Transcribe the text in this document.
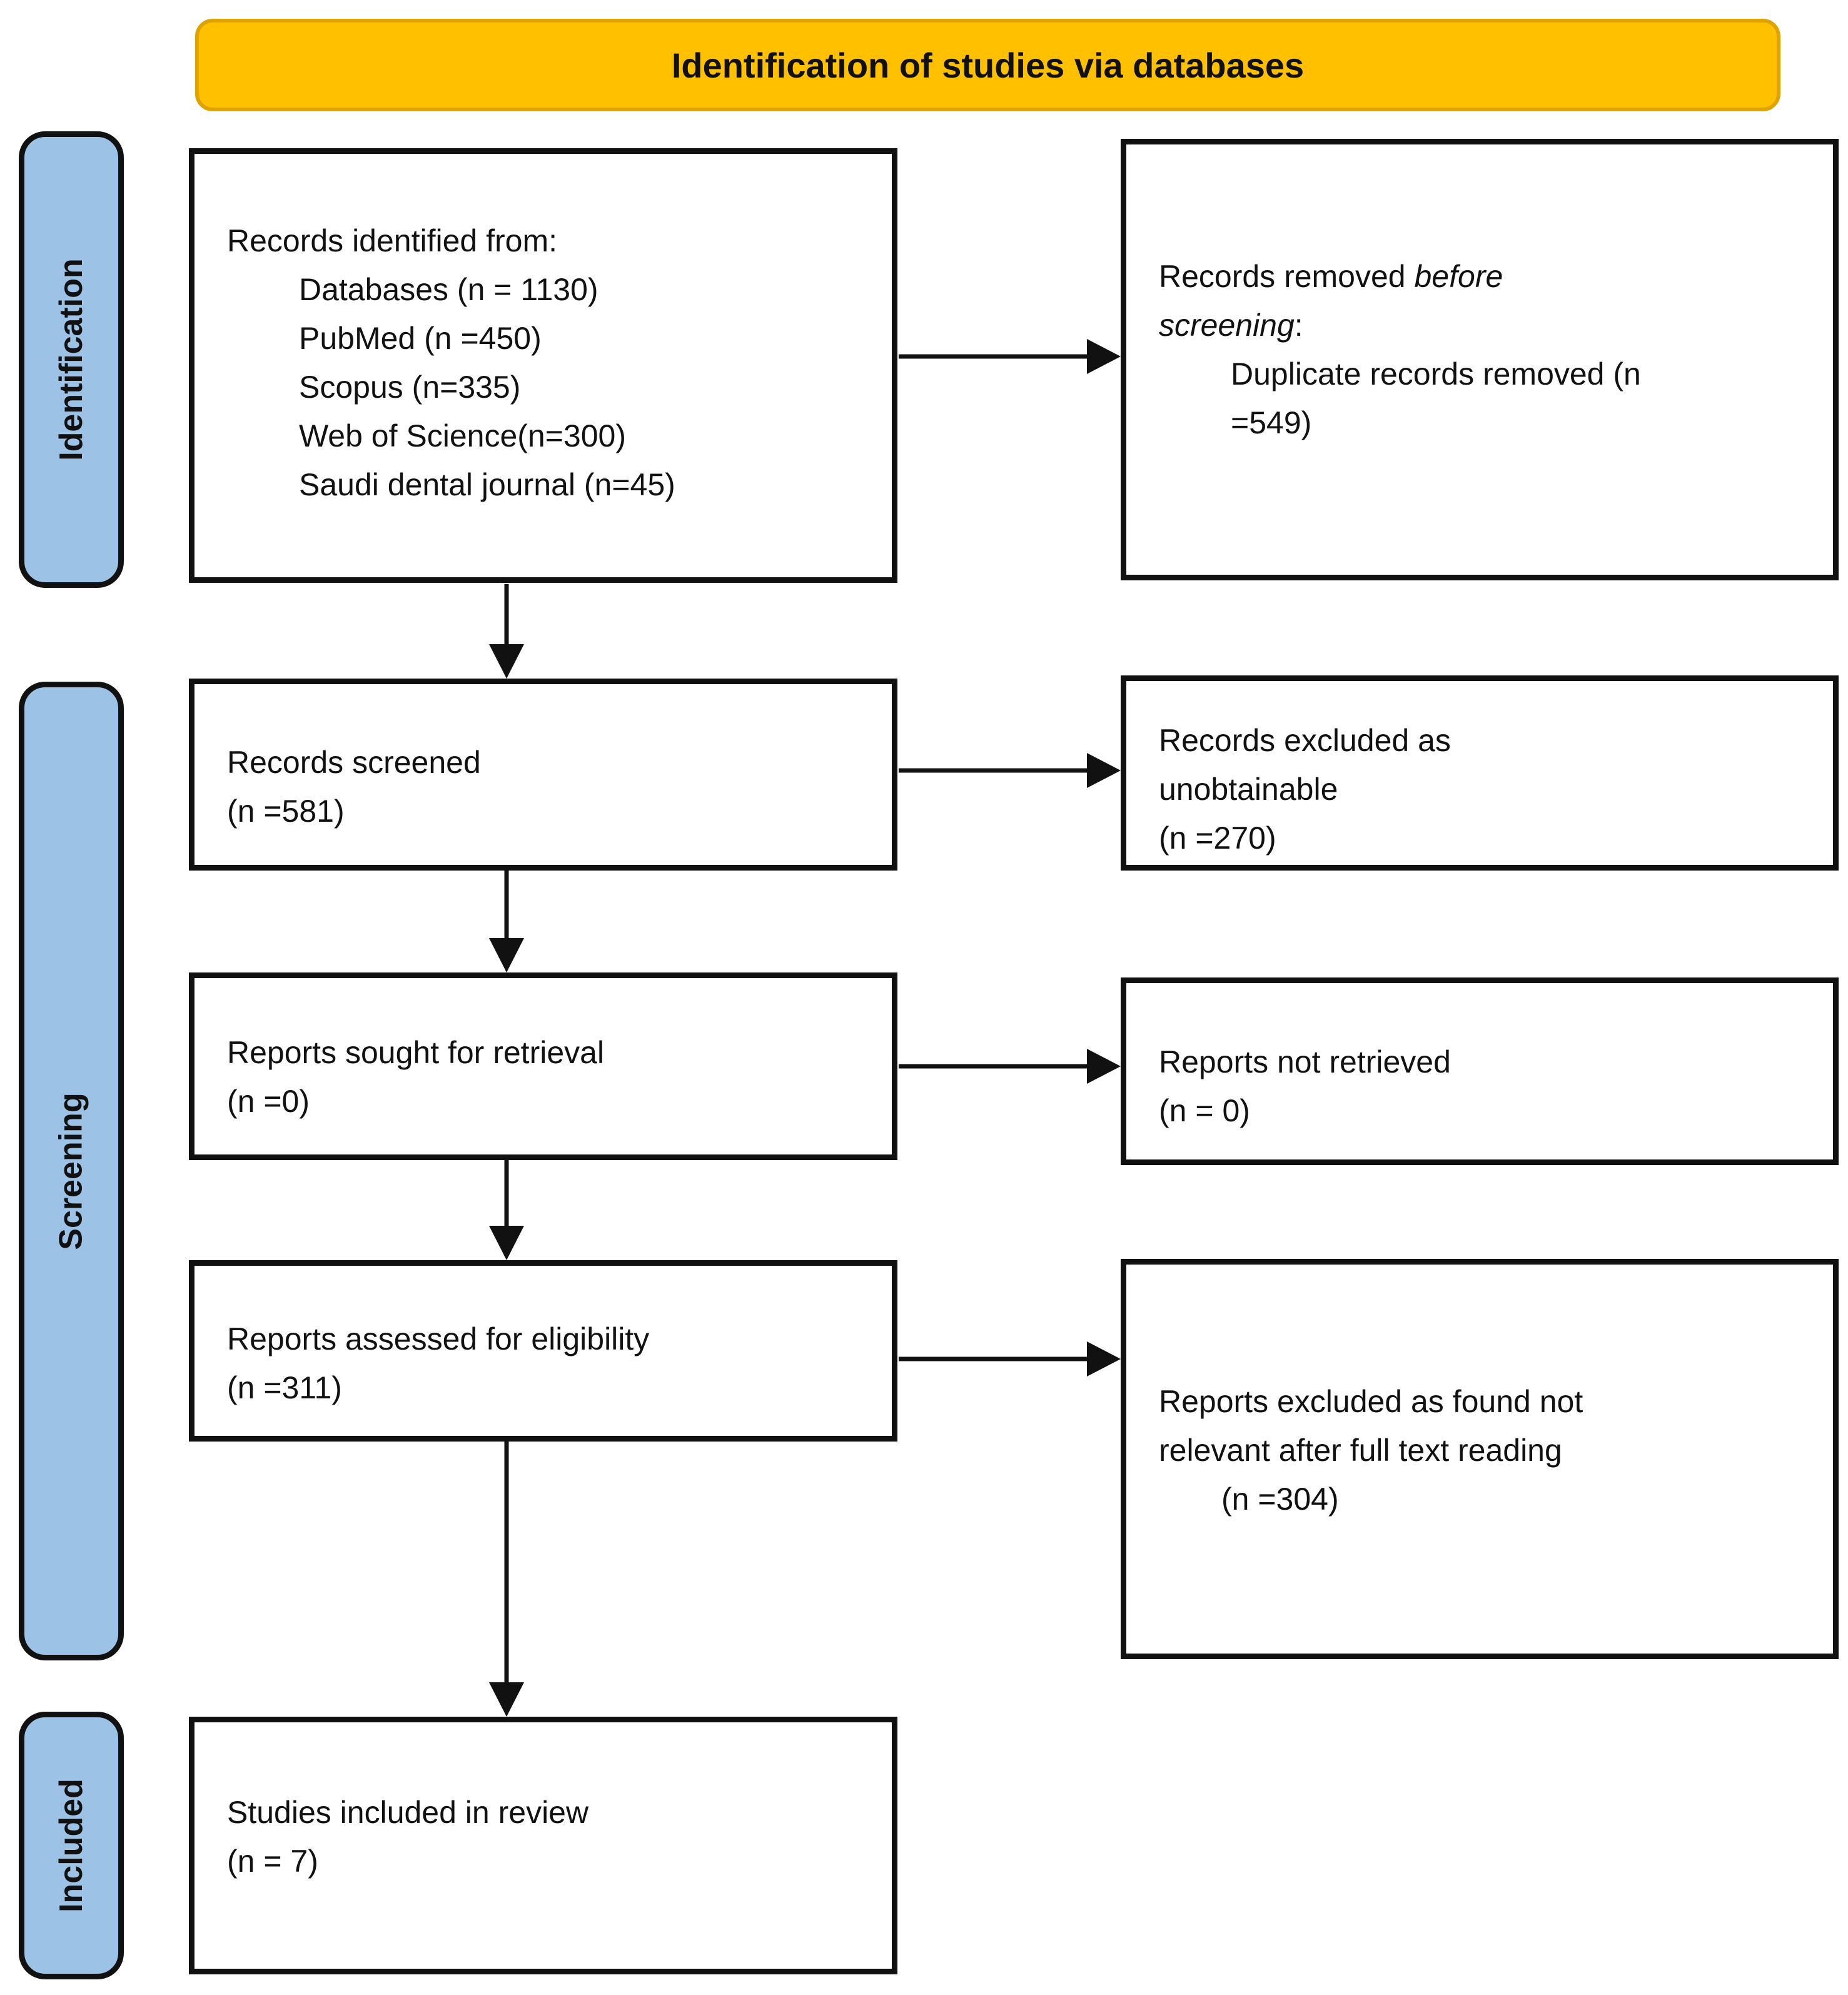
Identification of studies via databases
Identification
Screening
Included
Records identified from:
Databases (n = 1130)
PubMed (n =450)
Scopus (n=335)
Web of Science(n=300)
Saudi dental journal (n=45)
Records removed before
screening:
Duplicate records removed (n
=549)
Records screened
(n =581)
Records excluded as
unobtainable
(n =270)
Reports sought for retrieval
(n =0)
Reports not retrieved
(n = 0)
Reports assessed for eligibility
(n =311)	Reports excluded as found not
relevant after full text reading
(n =304)
Studies included in review
(n = 7)
